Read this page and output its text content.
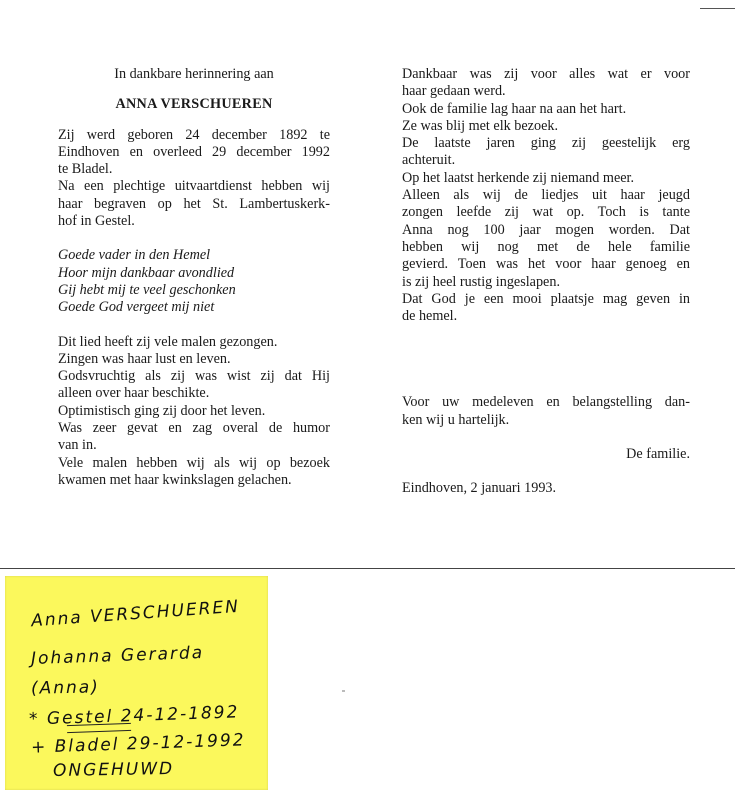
In dankbare herinnering aan
ANNA VERSCHUEREN
Zij werd geboren 24 december 1892 te
Eindhoven en overleed 29 december 1992
te Bladel.
Na een plechtige uitvaartdienst hebben wij
haar begraven op het St. Lambertuskerk-
hof in Gestel.
Goede vader in den Hemel
Hoor mijn dankbaar avondlied
Gij hebt mij te veel geschonken
Goede God vergeet mij niet
Dit lied heeft zij vele malen gezongen.
Zingen was haar lust en leven.
Godsvruchtig als zij was wist zij dat Hij
alleen over haar beschikte.
Optimistisch ging zij door het leven.
Was zeer gevat en zag overal de humor
van in.
Vele malen hebben wij als wij op bezoek
kwamen met haar kwinkslagen gelachen.
Dankbaar was zij voor alles wat er voor
haar gedaan werd.
Ook de familie lag haar na aan het hart.
Ze was blij met elk bezoek.
De laatste jaren ging zij geestelijk erg
achteruit.
Op het laatst herkende zij niemand meer.
Alleen als wij de liedjes uit haar jeugd
zongen leefde zij wat op. Toch is tante
Anna nog 100 jaar mogen worden. Dat
hebben wij nog met de hele familie
gevierd. Toen was het voor haar genoeg en
is zij heel rustig ingeslapen.
Dat God je een mooi plaatsje mag geven in
de hemel.
Voor uw medeleven en belangstelling dan-
ken wij u hartelijk.
De familie.
Eindhoven, 2 januari 1993.
Anna VERSCHUEREN
Johanna Gerarda
(Anna)
* Gestel 24-12-1892
+ Bladel 29-12-1992
ONGEHUWD
